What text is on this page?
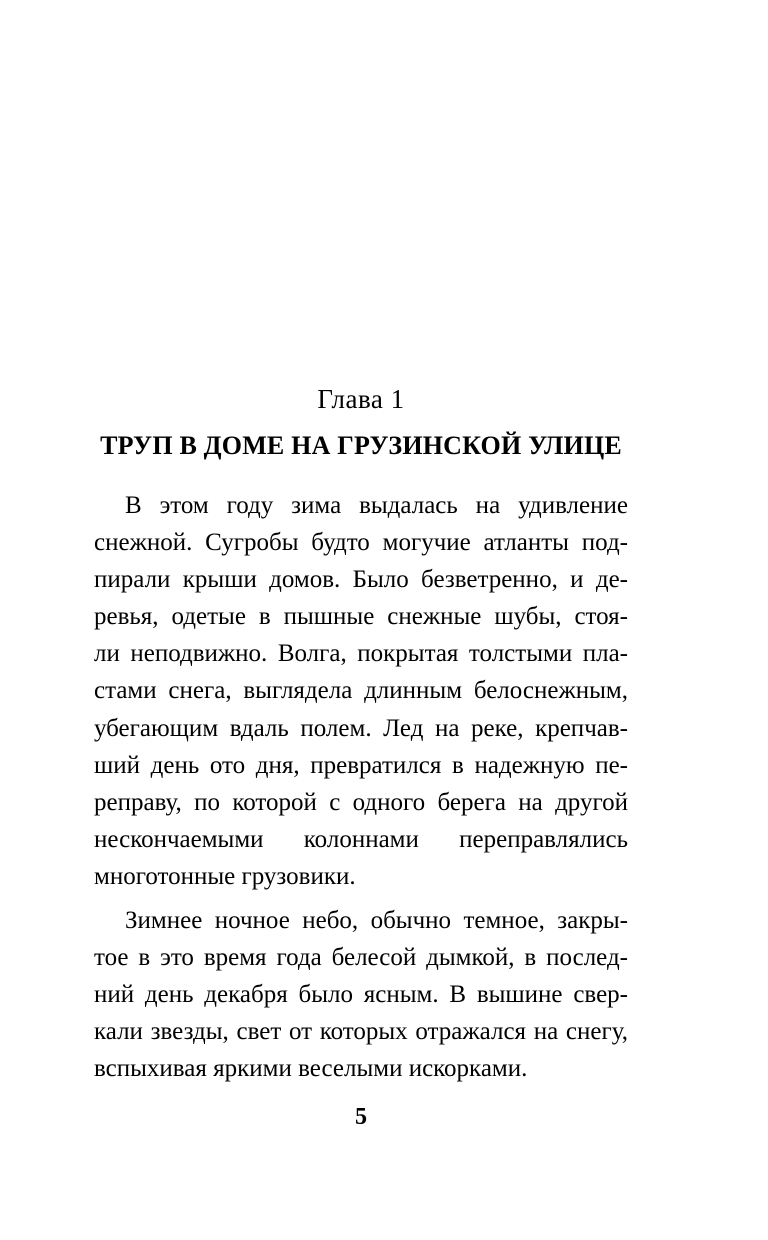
Глава 1
ТРУП В ДОМЕ НА ГРУЗИНСКОЙ УЛИЦЕ
В этом году зима выдалась на удивление
снежной. Сугробы будто могучие атланты под-
пирали крыши домов. Было безветренно, и де-
ревья, одетые в пышные снежные шубы, стоя-
ли неподвижно. Волга, покрытая толстыми пла-
стами снега, выглядела длинным белоснежным,
убегающим вдаль полем. Лед на реке, крепчав-
ший день ото дня, превратился в надежную пе-
реправу, по которой с одного берега на другой
нескончаемыми колоннами переправлялись
многотонные грузовики.
Зимнее ночное небо, обычно темное, закры-
тое в это время года белесой дымкой, в послед-
ний день декабря было ясным. В вышине свер-
кали звезды, свет от которых отражался на снегу,
вспыхивая яркими веселыми искорками.
5
